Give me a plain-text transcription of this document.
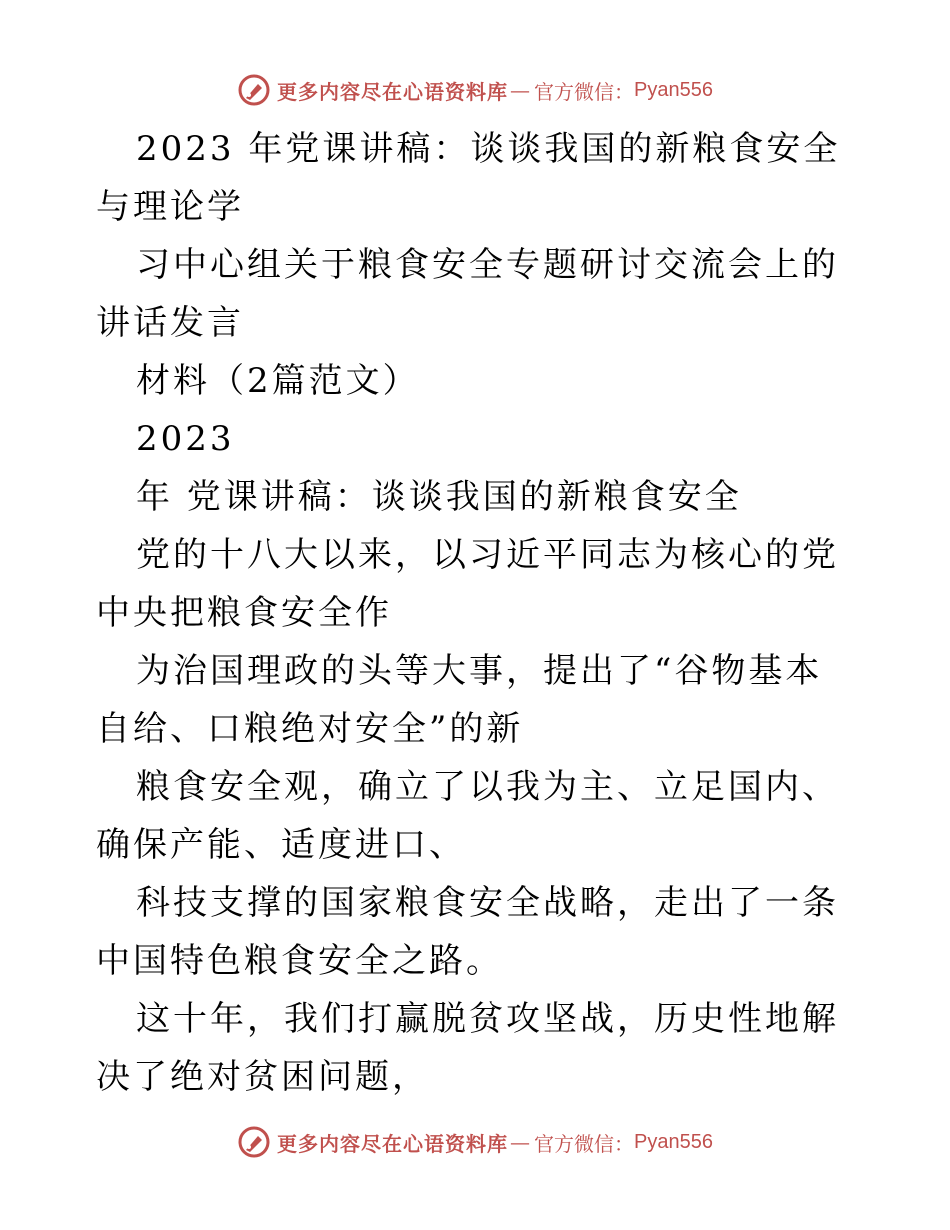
更多内容尽在心语资料库 — 官方微信： Pyan556

2023 年党课讲稿：谈谈我国的新粮食安全与理论学

习中心组关于粮食安全专题研讨交流会上的讲话发言

材料（2篇范文）

2023

年 党课讲稿：谈谈我国的新粮食安全

党的十八大以来，以习近平同志为核心的党中央把粮食安全作

为治国理政的头等大事，提出了“谷物基本自给、口粮绝对安全”的新

粮食安全观，确立了以我为主、立足国内、确保产能、适度进口、

科技支撑的国家粮食安全战略，走出了一条中国特色粮食安全之路。

这十年，我们打赢脱贫攻坚战，历史性地解决了绝对贫困问题，

更多内容尽在心语资料库 — 官方微信： Pyan556
